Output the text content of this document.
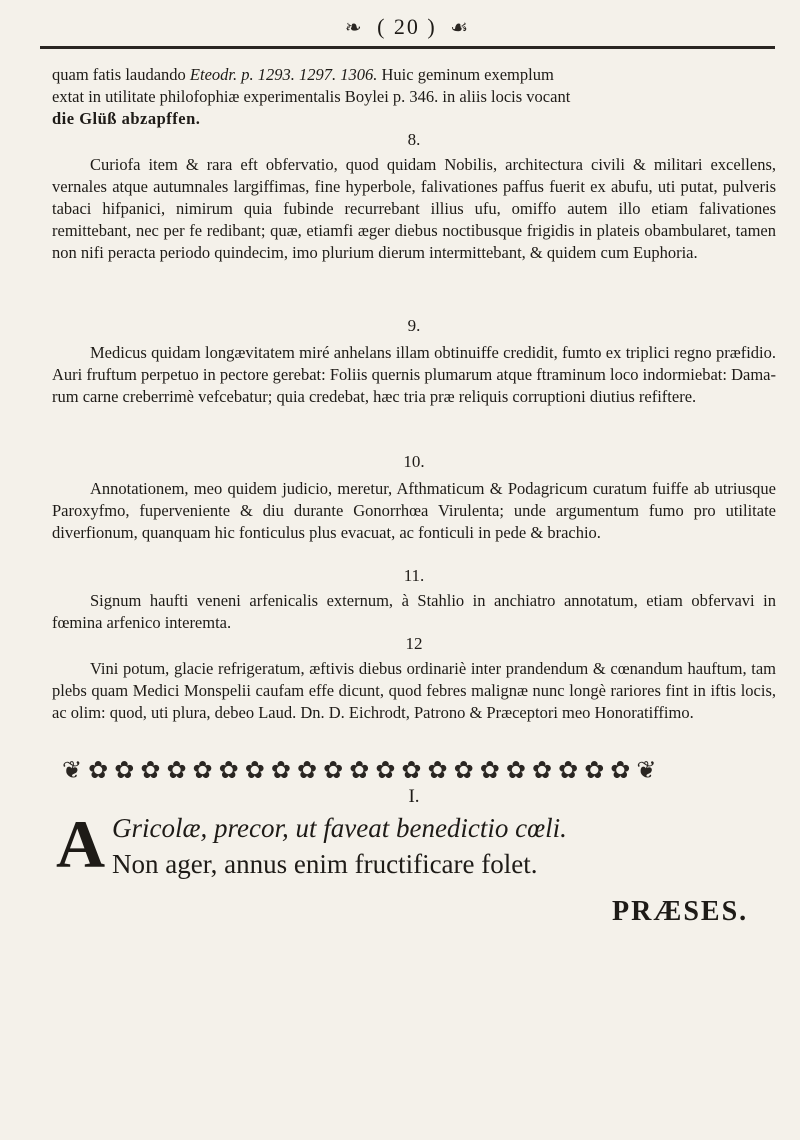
❧ ( 20 ) ☙
quam fatis laudando Eteodr. p. 1293. 1297. 1306. Huic geminum exemplum
extat in utilitate philofophiæ experimentalis Boylei p. 346. in aliis locis vocant
die Glüß abzapffen.
8.
Curiofa item & rara eft obfervatio, quod quidam Nobilis, architectura civili & militari excellens, vernales atque autumnales largiffimas, fine hyperbole, falivationes paffus fuerit ex abufu, uti putat, pulveris tabaci hifpanici, nimirum quia fubinde recurrebant illius ufu, omiffo autem illo etiam falivationes remittebant, nec per fe redibant; quæ, etiamfi æger diebus noctibusque frigidis in plateis obambularet, tamen non nifi peracta periodo quindecim, imo plurium dierum intermittebant, & quidem cum Euphoria.
9.
Medicus quidam longævitatem miré anhelans illam obtinuiffe credidit, fumto ex triplici regno præfidio. Auri fruftum perpetuo in pectore gerebat: Foliis quernis plumarum atque ftraminum loco indormiebat: Damarum carne creberrimè vefcebatur; quia credebat, hæc tria præ reliquis corruptioni diutius refiftere.
10.
Annotationem, meo quidem judicio, meretur, Afthmaticum & Podagricum curatum fuiffe ab utriusque Paroxyfmo, fupervenientе & diu durante Gonorrhœa Virulenta; unde argumentum fumo pro utilitate diverfionum, quanquam hic fonticulus plus evacuat, ac fonticuli in pede & brachio.
11.
Signum haufti veneni arfenicalis externum, à Stahlio in anchiatro annotatum, etiam obfervavi in fœmina arfenico interemta.
12
Vini potum, glacie refrigeratum, æftivis diebus ordinariè inter prandendum & cœnandum hauftum, tam plebs quam Medici Monspelii caufam effe dicunt, quod febres malignæ nunc longè rariores fint in iftis locis, ac olim: quod, uti plura, debeo Laud. Dn. D. Eichrodt, Patrono & Præceptori meo Honoratiffimo.
❦ ✿ ✿ ✿ ✿ ✿ ✿ ✿ ✿ ✿ ✿ ✿ ✿ ✿ ✿ ✿ ✿ ✿ ✿ ✿ ✿ ✿ ❦
I.
A Gricolæ, precor, ut faveat benedictio cœli.
Non ager, annus enim fructificare folet.
PRÆSES.
